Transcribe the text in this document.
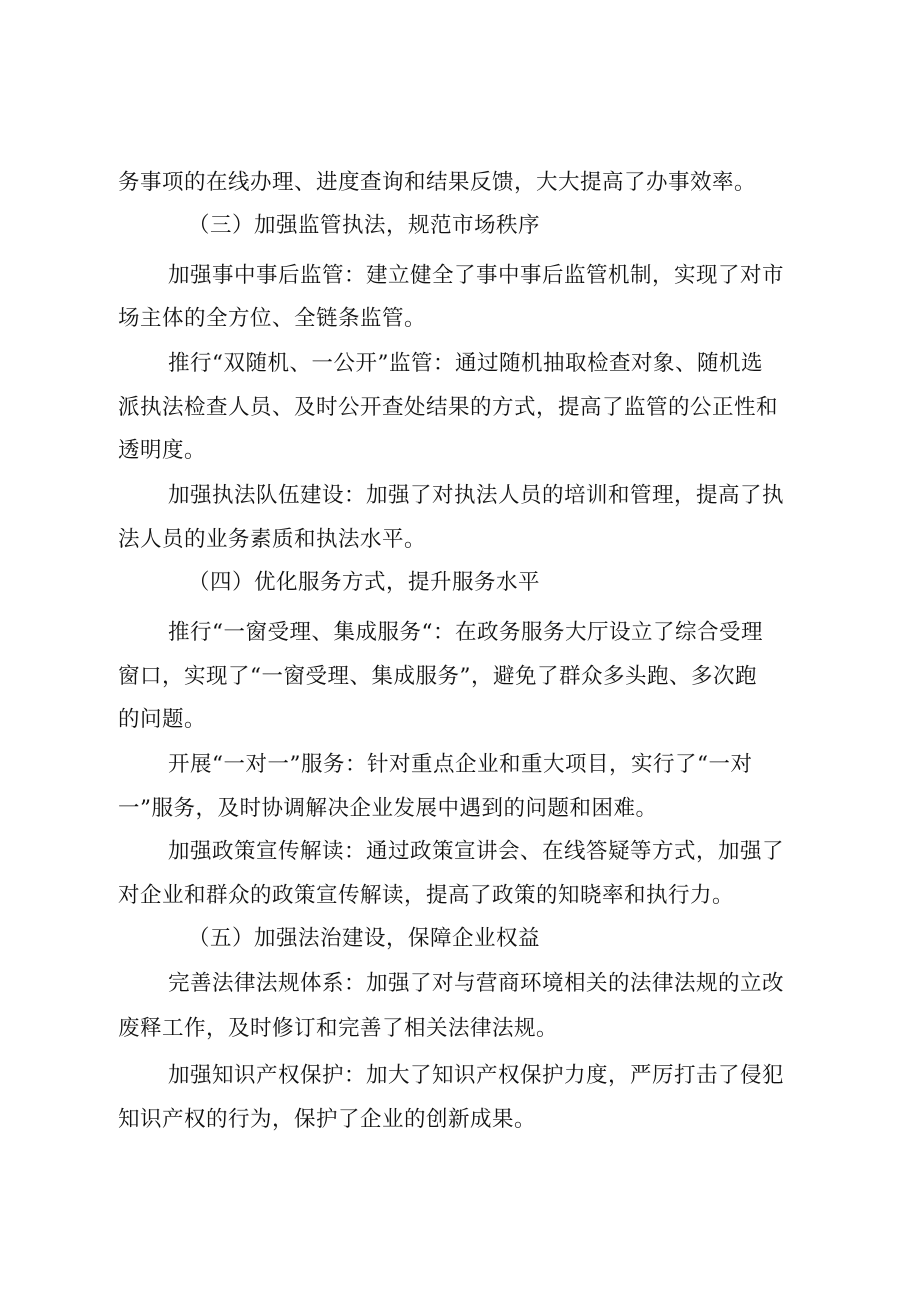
务事项的在线办理、进度查询和结果反馈，大大提高了办事效率。
（三）加强监管执法，规范市场秩序
加强事中事后监管：建立健全了事中事后监管机制，实现了对市
场主体的全方位、全链条监管。
推行“双随机、一公开”监管：通过随机抽取检查对象、随机选
派执法检查人员、及时公开查处结果的方式，提高了监管的公正性和
透明度。
加强执法队伍建设：加强了对执法人员的培训和管理，提高了执
法人员的业务素质和执法水平。
（四）优化服务方式，提升服务水平
推行“一窗受理、集成服务“：在政务服务大厅设立了综合受理
窗口，实现了“一窗受理、集成服务”，避免了群众多头跑、多次跑
的问题。
开展“一对一”服务：针对重点企业和重大项目，实行了“一对
一”服务，及时协调解决企业发展中遇到的问题和困难。
加强政策宣传解读：通过政策宣讲会、在线答疑等方式，加强了
对企业和群众的政策宣传解读，提高了政策的知晓率和执行力。
（五）加强法治建设，保障企业权益
完善法律法规体系：加强了对与营商环境相关的法律法规的立改
废释工作，及时修订和完善了相关法律法规。
加强知识产权保护：加大了知识产权保护力度，严厉打击了侵犯
知识产权的行为，保护了企业的创新成果。
